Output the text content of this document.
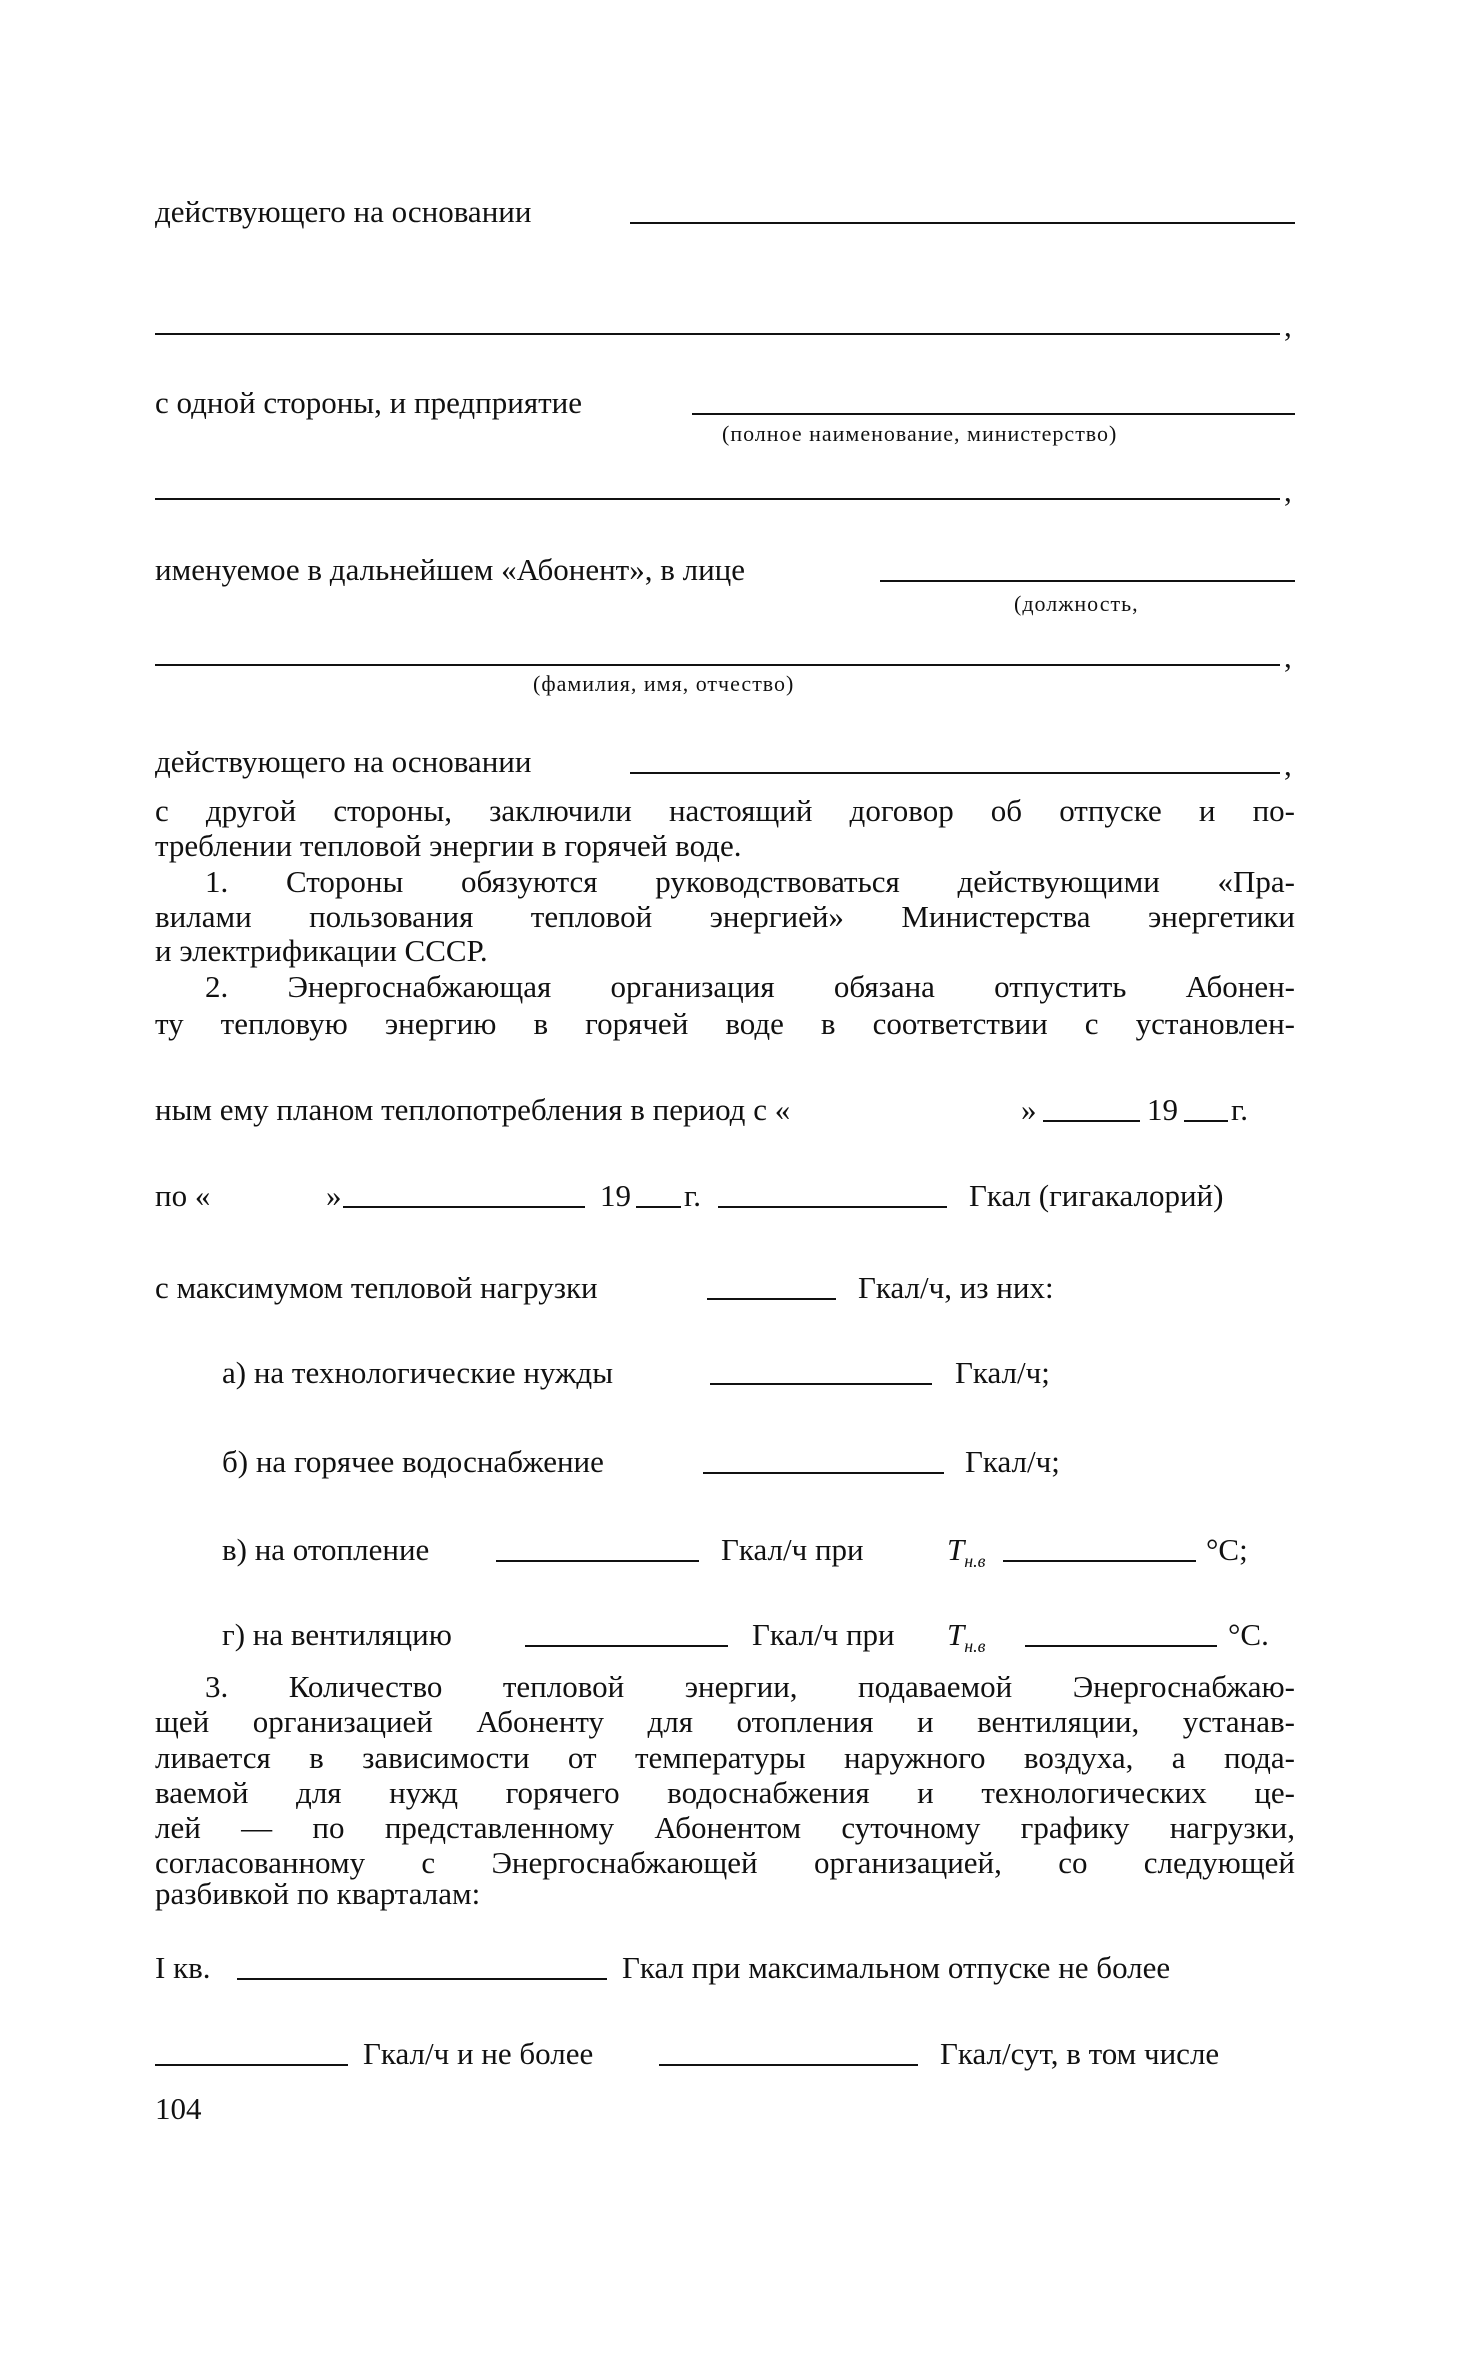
действующего на основании
,
с одной стороны, и предприятие
(полное наименование, министерство)
,
именуемое в дальнейшем «Абонент», в лице
(должность,
,
(фамилия, имя, отчество)
действующего на основании	,
с другой стороны, заключили настоящий договор об отпуске и по-
треблении тепловой энергии в горячей воде.
1. Стороны обязуются руководствоваться действующими «Пра-
вилами пользования тепловой энергией» Министерства энергетики
и электрификации СССР.
2. Энергоснабжающая организация обязана отпустить Абонен-
ту тепловую энергию в горячей воде в соответствии с установлен-
ным ему планом теплопотребления в период с «	»	19 г.
по «	»	19 г.	Гкал (гигакалорий)
с максимумом тепловой нагрузки	Гкал/ч, из них:
а) на технологические нужды	Гкал/ч;
б) на горячее водоснабжение	Гкал/ч;
в) на отопление	Гкал/ч при	$T_{н.в}$	°С;
г) на вентиляцию	Гкал/ч при $T_{н.в}$	°С.
3. Количество тепловой энергии, подаваемой Энергоснабжаю-
щей организацией Абоненту для отопления и вентиляции, устанав-
ливается в зависимости от температуры наружного воздуха, а пода-
ваемой для нужд горячего водоснабжения и технологических це-
лей — по представленному Абонентом суточному графику нагрузки,
согласованному с Энергоснабжающей организацией, со следующей
разбивкой по кварталам:
I кв.	Гкал при максимальном отпуске не более
Гкал/ч и не более	Гкал/сут, в том числе
104
